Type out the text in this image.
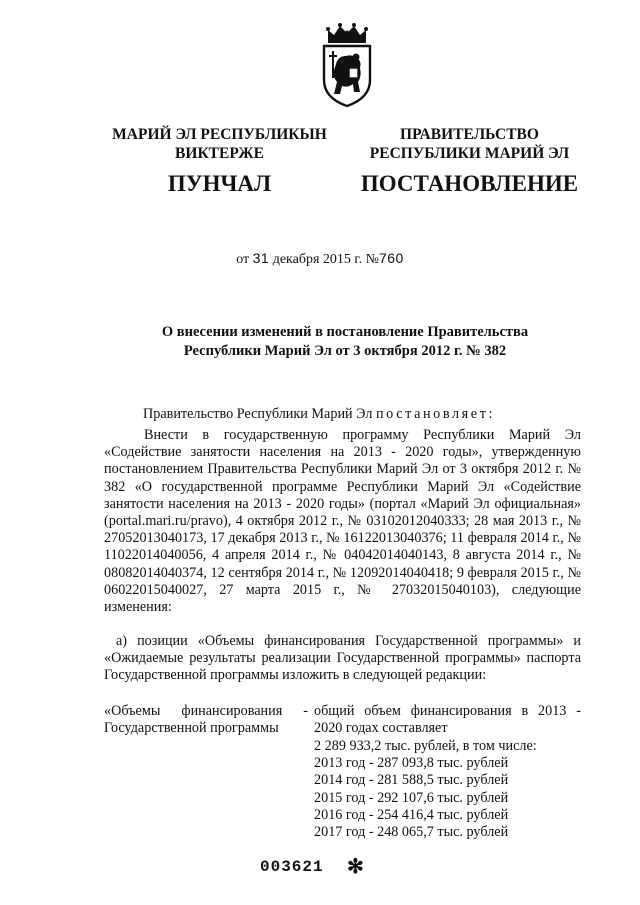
МАРИЙ ЭЛ РЕСПУБЛИКЫН
ВИКТЕРЖЕ
ПРАВИТЕЛЬСТВО
РЕСПУБЛИКИ МАРИЙ ЭЛ
ПУНЧАЛ	ПОСТАНОВЛЕНИЕ
от 31 декабря 2015 г. №760
О внесении изменений в постановление Правительства
Республики Марий Эл от 3 октября 2012 г. № 382
Правительство Республики Марий Эл постановляет:
Внести в государственную программу Республики Марий Эл «Содействие занятости населения на 2013 - 2020 годы», утвержденную постановлением Правительства Республики Марий Эл от 3 октября 2012 г. № 382 «О государственной программе Республики Марий Эл «Содействие занятости населения на 2013 - 2020 годы» (портал «Марий Эл официальная» (portal.mari.ru/pravo), 4 октября 2012 г., № 03102012040333; 28 мая 2013 г., № 27052013040173, 17 декабря 2013 г., № 16122013040376; 11 февраля 2014 г., № 11022014040056, 4 апреля 2014 г., № 04042014040143, 8 августа 2014 г., № 08082014040374, 12 сентября 2014 г., № 12092014040418; 9 февраля 2015 г., № 06022015040027, 27 марта 2015 г., № 27032015040103), следующие изменения:
а) позиции «Объемы финансирования Государственной программы» и «Ожидаемые результаты реализации Государственной программы» паспорта Государственной программы изложить в следующей редакции:
«Объемы финансирования - Государственной программы
общий объем финансирования в 2013 - 2020 годах составляет
2 289 933,2 тыс. рублей, в том числе:
2013 год - 287 093,8 тыс. рублей
2014 год - 281 588,5 тыс. рублей
2015 год - 292 107,6 тыс. рублей
2016 год - 254 416,4 тыс. рублей
2017 год - 248 065,7 тыс. рублей
003621 ✻
